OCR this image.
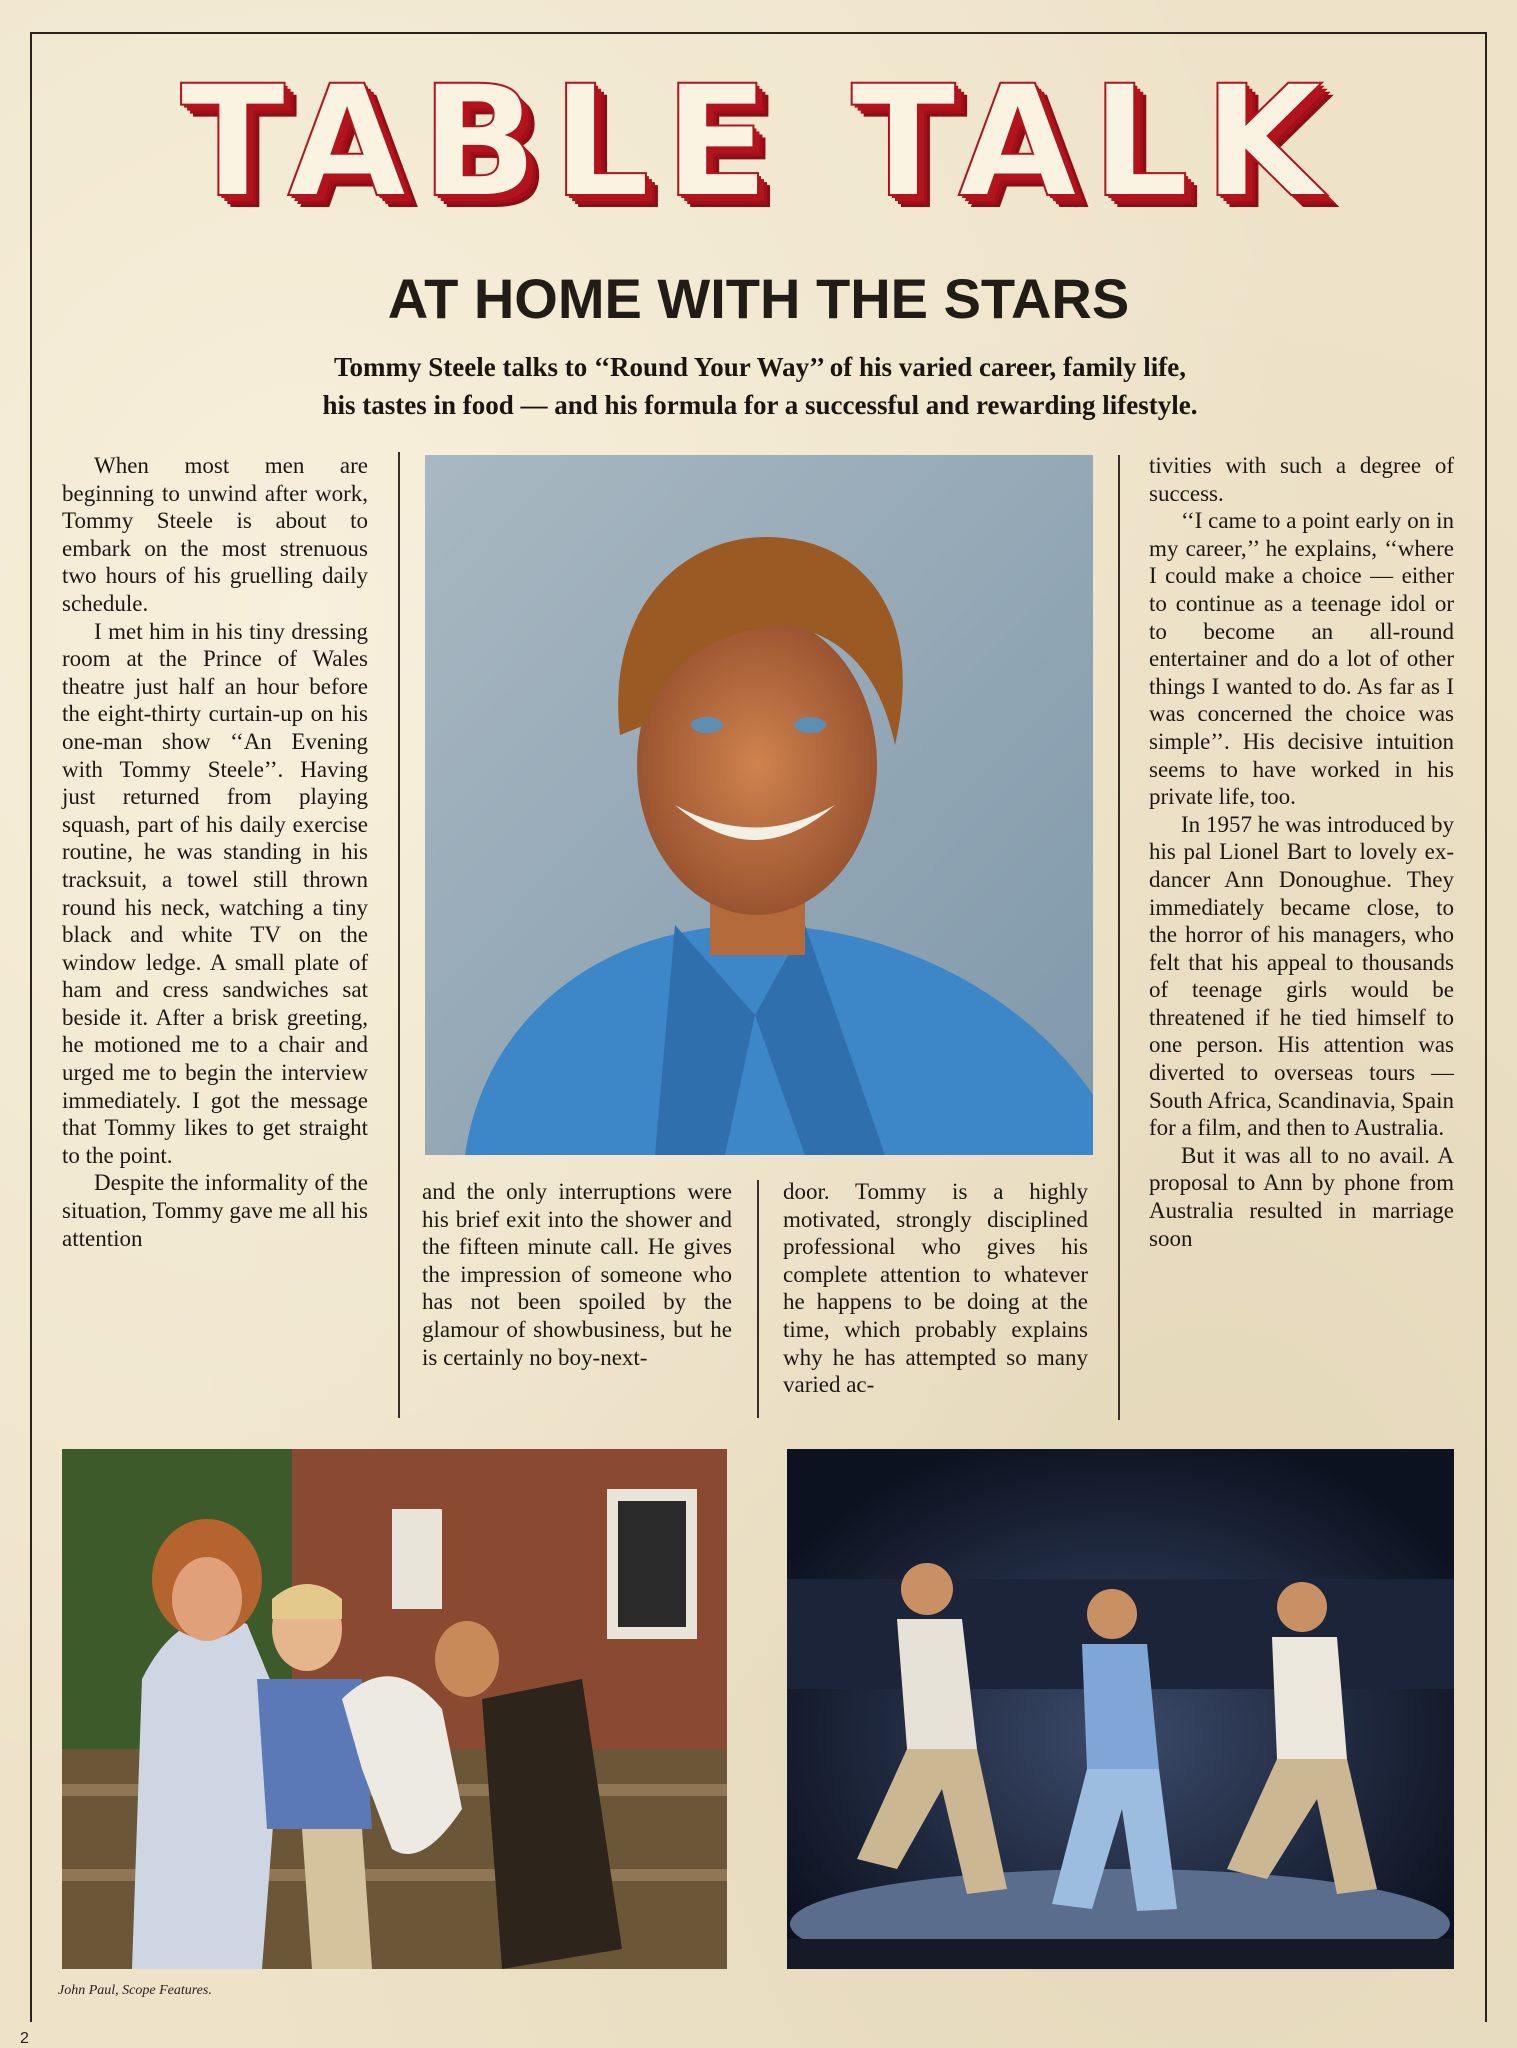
TABLE TALK
AT HOME WITH THE STARS
Tommy Steele talks to ‘‘Round Your Way’’ of his varied career, family life,
his tastes in food — and his formula for a successful and rewarding lifestyle.

When most men are beginning to unwind after work, Tommy Steele is about to embark on the most strenuous two hours of his gruelling daily schedule.

I met him in his tiny dressing room at the Prince of Wales theatre just half an hour before the eight-thirty curtain-up on his one-man show ‘‘An Evening with Tommy Steele’’. Having just returned from playing squash, part of his daily exercise routine, he was standing in his tracksuit, a towel still thrown round his neck, watching a tiny black and white TV on the window ledge. A small plate of ham and cress sandwiches sat beside it. After a brisk greeting, he motioned me to a chair and urged me to begin the interview immediately. I got the message that Tommy likes to get straight to the point.

Despite the informality of the situation, Tommy gave me all his attention

and the only interruptions were his brief exit into the shower and the fifteen minute call. He gives the impression of someone who has not been spoiled by the glamour of showbusiness, but he is certainly no boy-next-

door. Tommy is a highly motivated, strongly disciplined professional who gives his complete attention to whatever he happens to be doing at the time, which probably explains why he has attempted so many varied ac-

tivities with such a degree of success.

‘‘I came to a point early on in my career,’’ he explains, ‘‘where I could make a choice — either to continue as a teenage idol or to become an all-round entertainer and do a lot of other things I wanted to do. As far as I was concerned the choice was simple’’. His decisive intuition seems to have worked in his private life, too.

In 1957 he was introduced by his pal Lionel Bart to lovely ex-dancer Ann Donoughue. They immediately became close, to the horror of his managers, who felt that his appeal to thousands of teenage girls would be threatened if he tied himself to one person. His attention was diverted to overseas tours — South Africa, Scandinavia, Spain for a film, and then to Australia.

But it was all to no avail. A proposal to Ann by phone from Australia resulted in marriage soon

John Paul, Scope Features.
2
